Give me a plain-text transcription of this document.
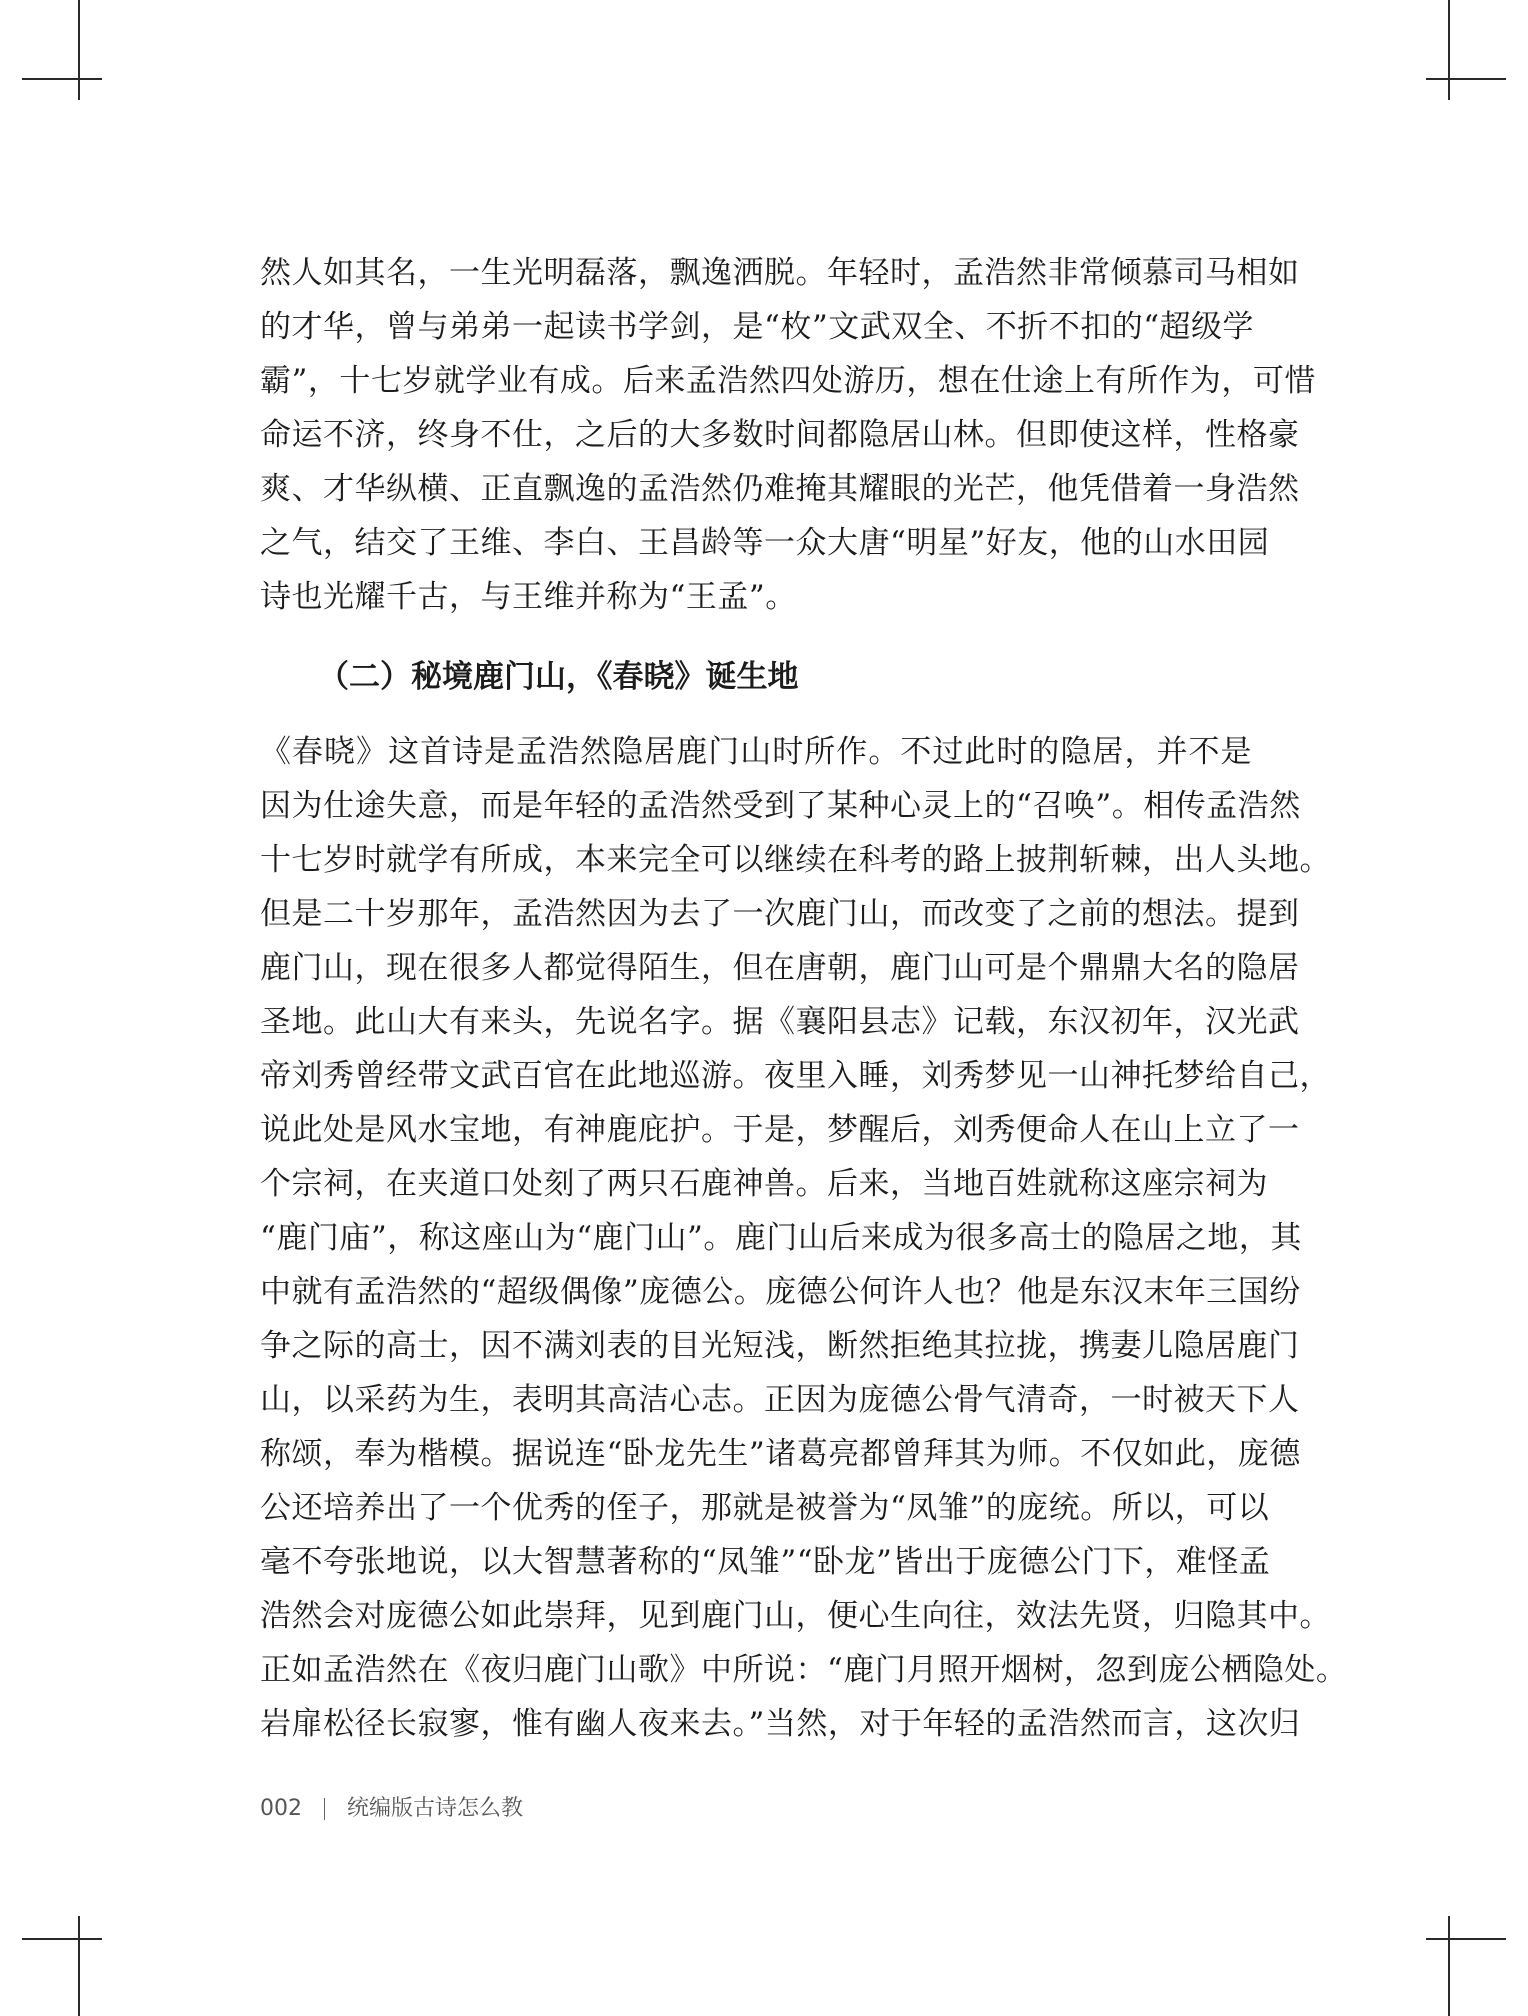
然人如其名，一生光明磊落，飘逸洒脱。年轻时，孟浩然非常倾慕司马相如
的才华，曾与弟弟一起读书学剑，是“枚”文武双全、不折不扣的“超级学
霸”，十七岁就学业有成。后来孟浩然四处游历，想在仕途上有所作为，可惜
命运不济，终身不仕，之后的大多数时间都隐居山林。但即使这样，性格豪
爽、才华纵横、正直飘逸的孟浩然仍难掩其耀眼的光芒，他凭借着一身浩然
之气，结交了王维、李白、王昌龄等一众大唐“明星”好友，他的山水田园
诗也光耀千古，与王维并称为“王孟”。
（二）秘境鹿门山，《春晓》诞生地
《春晓》这首诗是孟浩然隐居鹿门山时所作。不过此时的隐居，并不是
因为仕途失意，而是年轻的孟浩然受到了某种心灵上的“召唤”。相传孟浩然
十七岁时就学有所成，本来完全可以继续在科考的路上披荆斩棘，出人头地。
但是二十岁那年，孟浩然因为去了一次鹿门山，而改变了之前的想法。提到
鹿门山，现在很多人都觉得陌生，但在唐朝，鹿门山可是个鼎鼎大名的隐居
圣地。此山大有来头，先说名字。据《襄阳县志》记载，东汉初年，汉光武
帝刘秀曾经带文武百官在此地巡游。夜里入睡，刘秀梦见一山神托梦给自己，
说此处是风水宝地，有神鹿庇护。于是，梦醒后，刘秀便命人在山上立了一
个宗祠，在夹道口处刻了两只石鹿神兽。后来，当地百姓就称这座宗祠为
“鹿门庙”，称这座山为“鹿门山”。鹿门山后来成为很多高士的隐居之地，其
中就有孟浩然的“超级偶像”庞德公。庞德公何许人也？他是东汉末年三国纷
争之际的高士，因不满刘表的目光短浅，断然拒绝其拉拢，携妻儿隐居鹿门
山，以采药为生，表明其高洁心志。正因为庞德公骨气清奇，一时被天下人
称颂，奉为楷模。据说连“卧龙先生”诸葛亮都曾拜其为师。不仅如此，庞德
公还培养出了一个优秀的侄子，那就是被誉为“凤雏”的庞统。所以，可以
毫不夸张地说，以大智慧著称的“凤雏”“卧龙”皆出于庞德公门下，难怪孟
浩然会对庞德公如此崇拜，见到鹿门山，便心生向往，效法先贤，归隐其中。
正如孟浩然在《夜归鹿门山歌》中所说：“鹿门月照开烟树，忽到庞公栖隐处。
岩扉松径长寂寥，惟有幽人夜来去。”当然，对于年轻的孟浩然而言，这次归
002 统编版古诗怎么教
